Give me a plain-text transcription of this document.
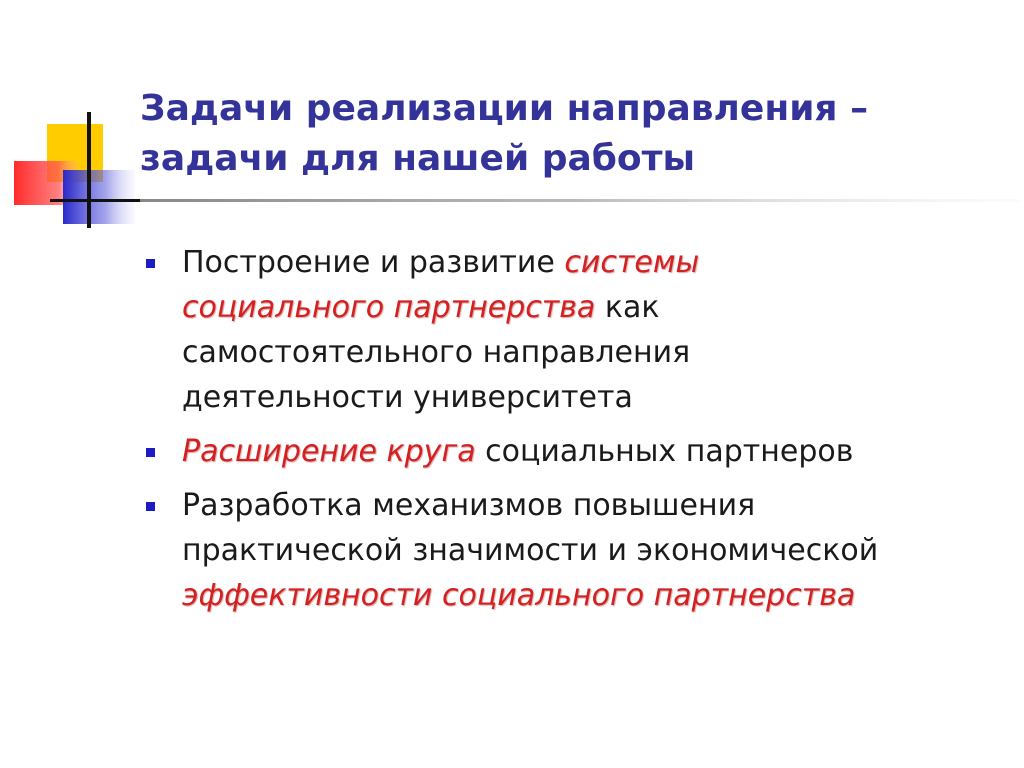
Задачи реализации направления –
задачи для нашей работы
Построение и развитие системы
социального партнерства как
самостоятельного направления
деятельности университета
Расширение круга социальных партнеров
Разработка механизмов повышения
практической значимости и экономической
эффективности социального партнерства
